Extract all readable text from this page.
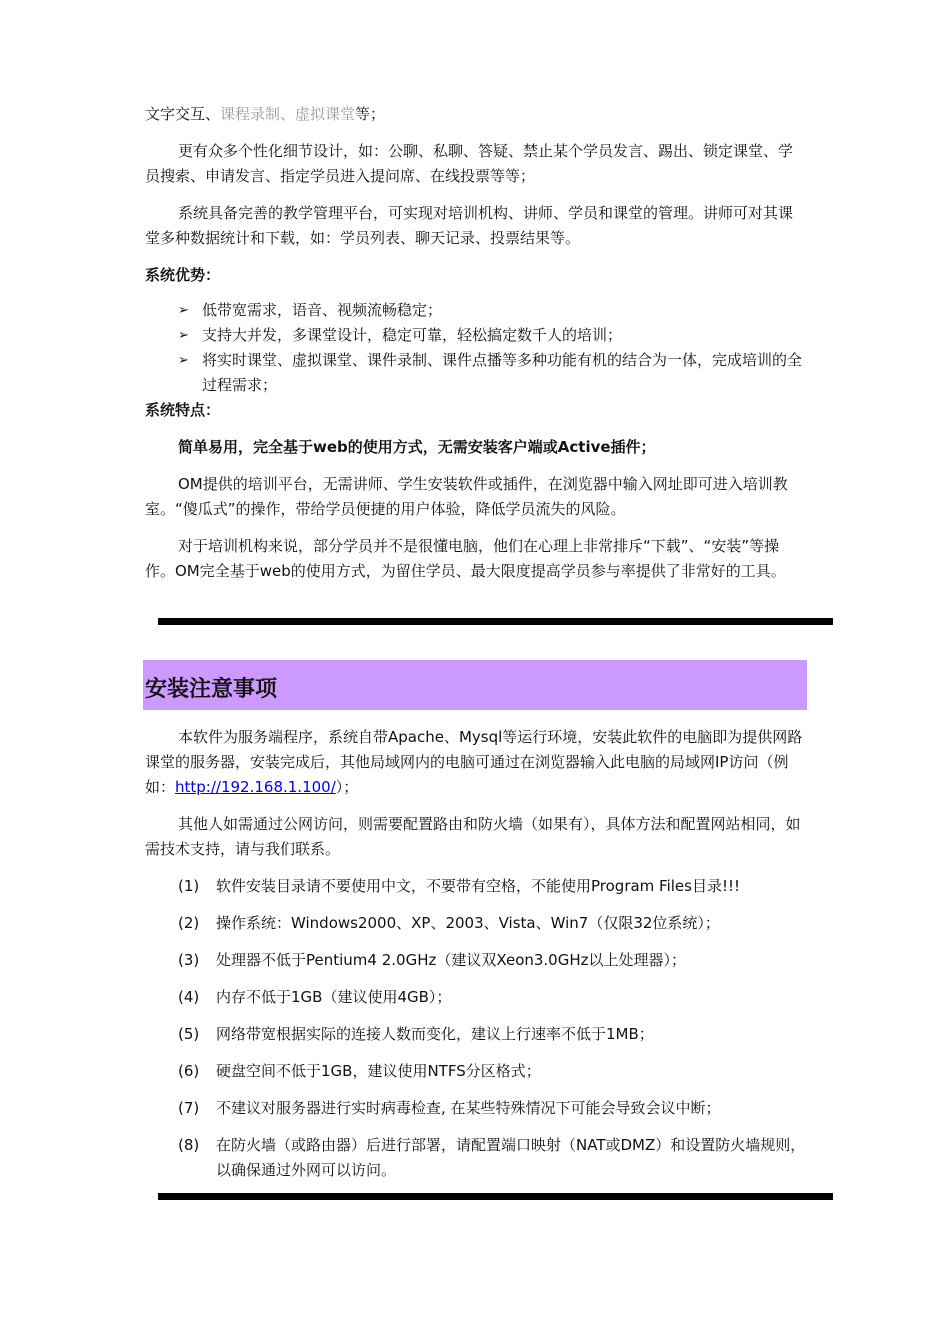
文字交互、课程录制、虚拟课堂等；

更有众多个性化细节设计，如：公聊、私聊、答疑、禁止某个学员发言、踢出、锁定课堂、学员搜索、申请发言、指定学员进入提问席、在线投票等等；

系统具备完善的教学管理平台，可实现对培训机构、讲师、学员和课堂的管理。讲师可对其课堂多种数据统计和下载，如：学员列表、聊天记录、投票结果等。

系统优势：

➢ 低带宽需求，语音、视频流畅稳定；
➢ 支持大并发，多课堂设计，稳定可靠，轻松搞定数千人的培训；
➢ 将实时课堂、虚拟课堂、课件录制、课件点播等多种功能有机的结合为一体，完成培训的全过程需求；

系统特点：

简单易用，完全基于web的使用方式，无需安装客户端或Active插件；

OM提供的培训平台，无需讲师、学生安装软件或插件，在浏览器中输入网址即可进入培训教室。“傻瓜式”的操作，带给学员便捷的用户体验，降低学员流失的风险。

对于培训机构来说，部分学员并不是很懂电脑，他们在心理上非常排斥“下载”、“安装”等操作。OM完全基于web的使用方式，为留住学员、最大限度提高学员参与率提供了非常好的工具。

安装注意事项

本软件为服务端程序，系统自带Apache、Mysql等运行环境，安装此软件的电脑即为提供网路课堂的服务器，安装完成后，其他局域网内的电脑可通过在浏览器输入此电脑的局域网IP访问（例如：http://192.168.1.100/）；

其他人如需通过公网访问，则需要配置路由和防火墙（如果有），具体方法和配置网站相同，如需技术支持，请与我们联系。

(1) 软件安装目录请不要使用中文，不要带有空格，不能使用Program Files目录!!!
(2) 操作系统：Windows2000、XP、2003、Vista、Win7（仅限32位系统）；
(3) 处理器不低于Pentium4 2.0GHz（建议双Xeon3.0GHz以上处理器）；
(4) 内存不低于1GB（建议使用4GB）；
(5) 网络带宽根据实际的连接人数而变化，建议上行速率不低于1MB；
(6) 硬盘空间不低于1GB，建议使用NTFS分区格式；
(7) 不建议对服务器进行实时病毒检查, 在某些特殊情况下可能会导致会议中断；
(8) 在防火墙（或路由器）后进行部署，请配置端口映射（NAT或DMZ）和设置防火墙规则，以确保通过外网可以访问。
